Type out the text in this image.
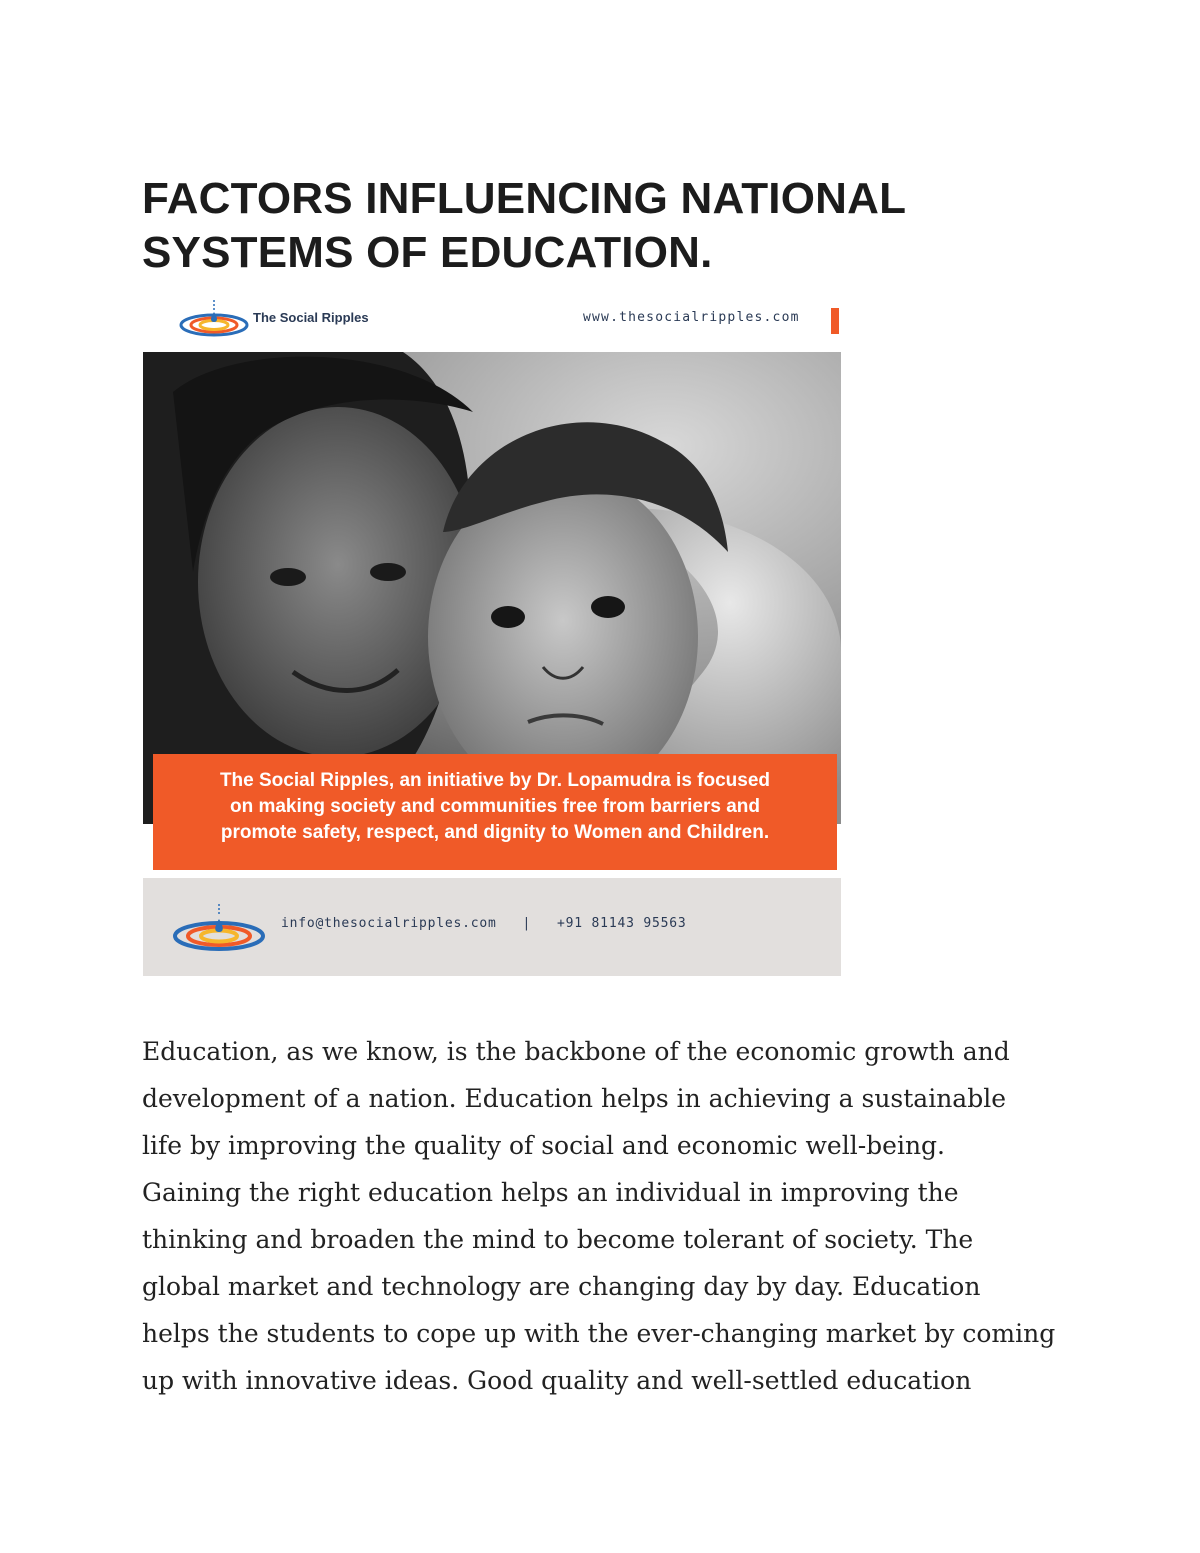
FACTORS INFLUENCING NATIONAL
SYSTEMS OF EDUCATION.
The Social Ripples	www.thesocialripples.com

The Social Ripples, an initiative by Dr. Lopamudra is focused
on making society and communities free from barriers and
promote safety, respect, and dignity to Women and Children.

info@thesocialripples.com   |   +91 81143 95563

Education, as we know, is the backbone of the economic growth and
development of a nation. Education helps in achieving a sustainable
life by improving the quality of social and economic well-being.
Gaining the right education helps an individual in improving the
thinking and broaden the mind to become tolerant of society. The
global market and technology are changing day by day. Education
helps the students to cope up with the ever-changing market by coming
up with innovative ideas. Good quality and well-settled education
